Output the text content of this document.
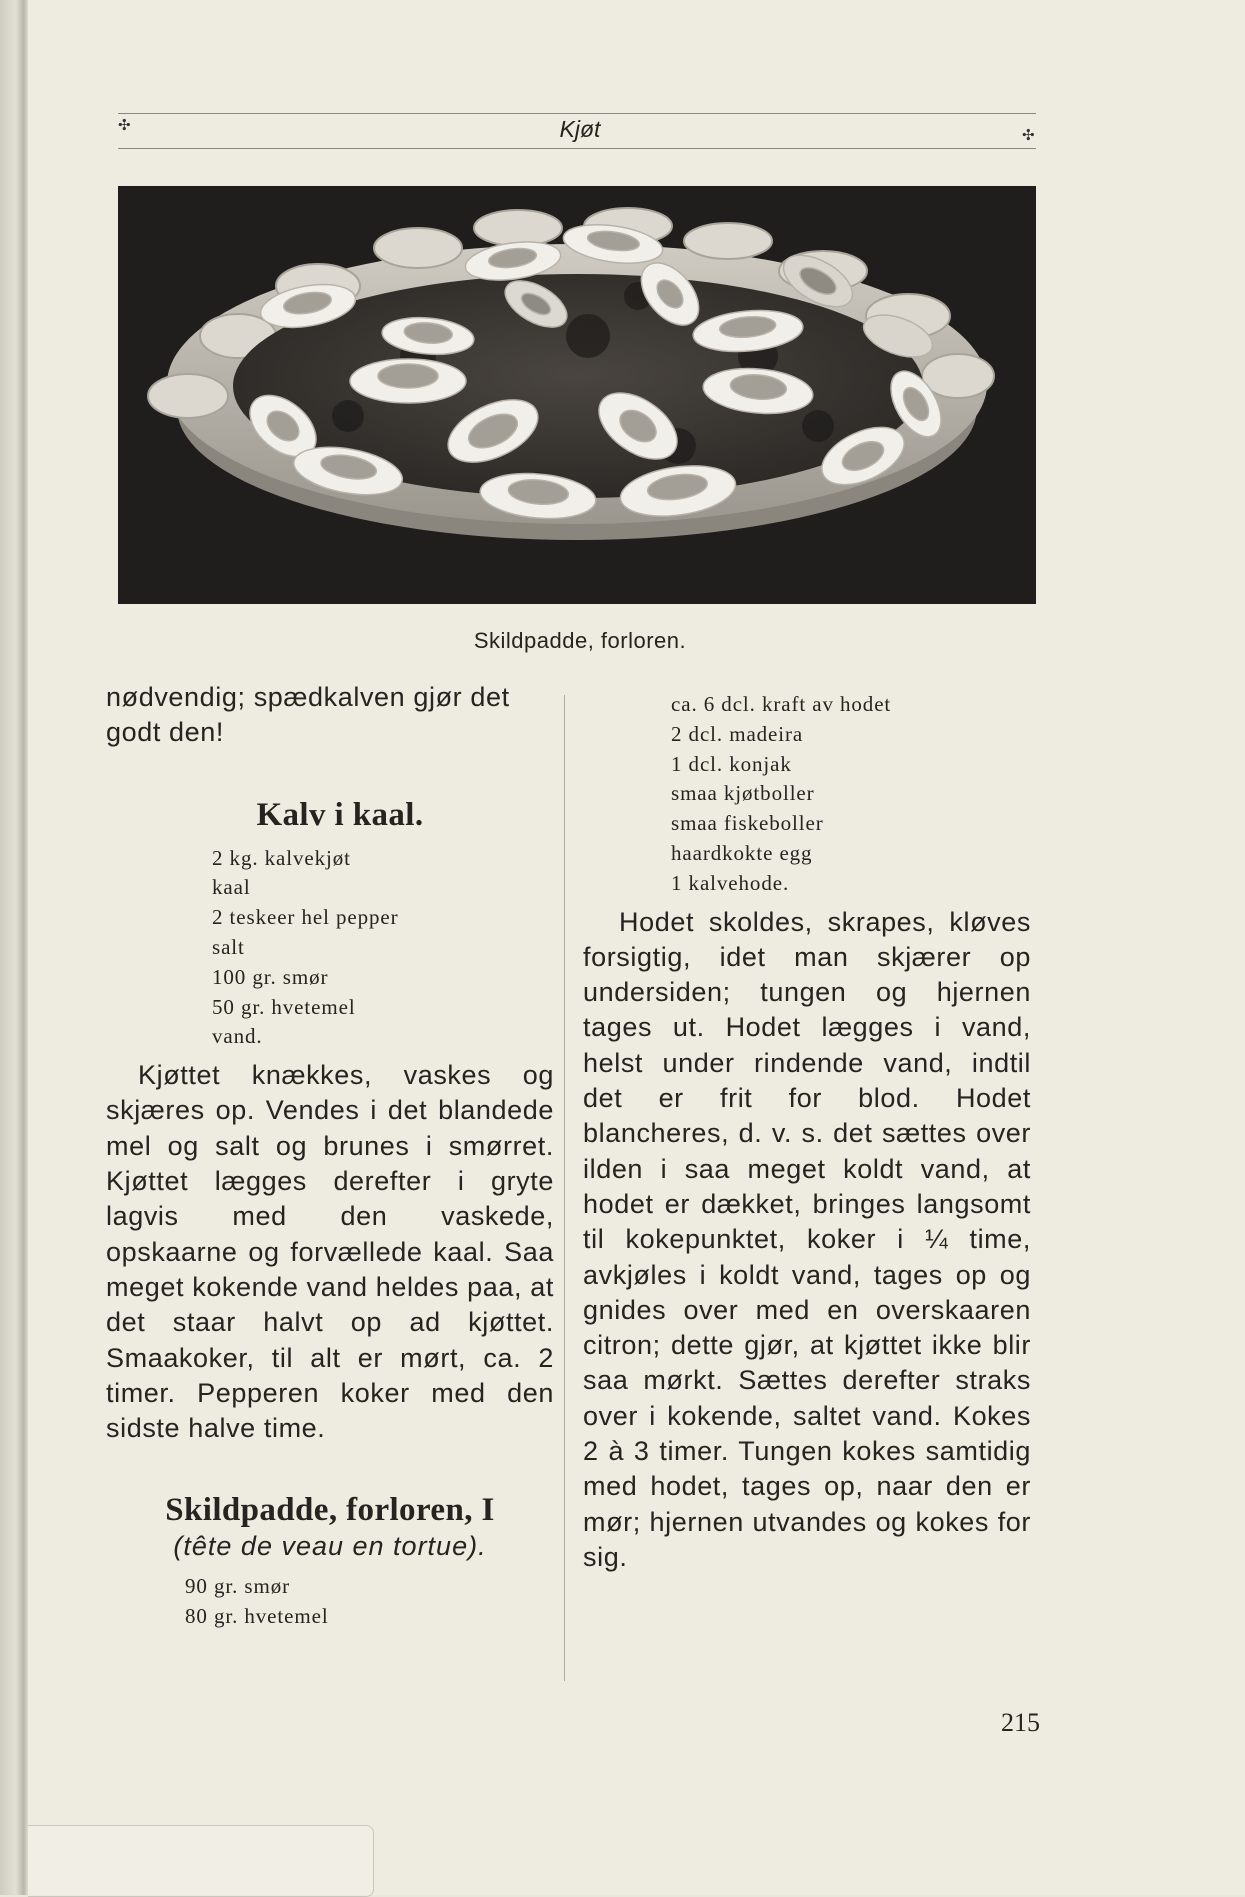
✣	Kjøt	✣
Skildpadde, forloren.

nødvendig; spædkalven gjør det godt den!

Kalv i kaal.
2 kg. kalvekjøt
kaal
2 teskeer hel pepper
salt
100 gr. smør
50 gr. hvetemel
vand.

Kjøttet knækkes, vaskes og skjæres op. Vendes i det blandede mel og salt og brunes i smørret. Kjøttet lægges derefter i gryte lagvis med den vaskede, opskaarne og forvællede kaal. Saa meget kokende vand heldes paa, at det staar halvt op ad kjøttet. Smaakoker, til alt er mørt, ca. 2 timer. Pepperen koker med den sidste halve time.

Skildpadde, forloren, I

(tête de veau en tortue).

90 gr. smør
80 gr. hvetemel
ca. 6 dcl. kraft av hodet
2 dcl. madeira
1 dcl. konjak
smaa kjøtboller
smaa fiskeboller
haardkokte egg
1 kalvehode.

Hodet skoldes, skrapes, kløves forsigtig, idet man skjærer op undersiden; tungen og hjernen tages ut. Hodet lægges i vand, helst under rindende vand, indtil det er frit for blod. Hodet blancheres, d. v. s. det sættes over ilden i saa meget koldt vand, at hodet er dækket, bringes langsomt til kokepunktet, koker i ¼ time, avkjøles i koldt vand, tages op og gnides over med en overskaaren citron; dette gjør, at kjøttet ikke blir saa mørkt. Sættes derefter straks over i kokende, saltet vand. Kokes 2 à 3 timer. Tungen kokes samtidig med hodet, tages op, naar den er mør; hjernen utvandes og kokes for sig.

215
